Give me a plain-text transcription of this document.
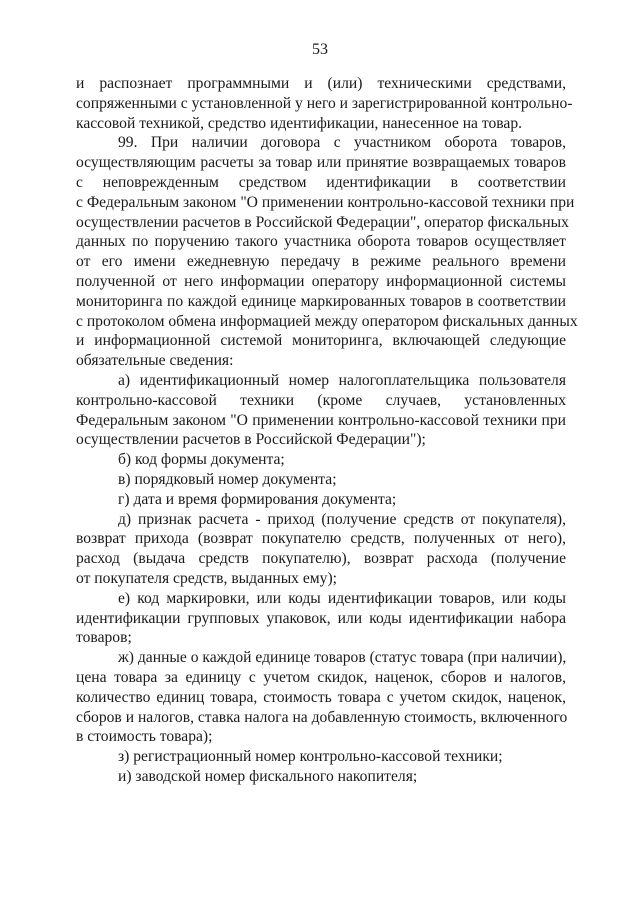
53
и распознает программными и (или) техническими средствами,
сопряженными с установленной у него и зарегистрированной контрольно-
кассовой техникой, средство идентификации, нанесенное на товар.
99. При наличии договора с участником оборота товаров,
осуществляющим расчеты за товар или принятие возвращаемых товаров
с неповрежденным средством идентификации в соответствии
с Федеральным законом "О применении контрольно-кассовой техники при
осуществлении расчетов в Российской Федерации", оператор фискальных
данных по поручению такого участника оборота товаров осуществляет
от его имени ежедневную передачу в режиме реального времени
полученной от него информации оператору информационной системы
мониторинга по каждой единице маркированных товаров в соответствии
с протоколом обмена информацией между оператором фискальных данных
и информационной системой мониторинга, включающей следующие
обязательные сведения:
а) идентификационный номер налогоплательщика пользователя
контрольно-кассовой техники (кроме случаев, установленных
Федеральным законом "О применении контрольно-кассовой техники при
осуществлении расчетов в Российской Федерации");
б) код формы документа;
в) порядковый номер документа;
г) дата и время формирования документа;
д) признак расчета - приход (получение средств от покупателя),
возврат прихода (возврат покупателю средств, полученных от него),
расход (выдача средств покупателю), возврат расхода (получение
от покупателя средств, выданных ему);
е) код маркировки, или коды идентификации товаров, или коды
идентификации групповых упаковок, или коды идентификации набора
товаров;
ж) данные о каждой единице товаров (статус товара (при наличии),
цена товара за единицу с учетом скидок, наценок, сборов и налогов,
количество единиц товара, стоимость товара с учетом скидок, наценок,
сборов и налогов, ставка налога на добавленную стоимость, включенного
в стоимость товара);
з) регистрационный номер контрольно-кассовой техники;
и) заводской номер фискального накопителя;
